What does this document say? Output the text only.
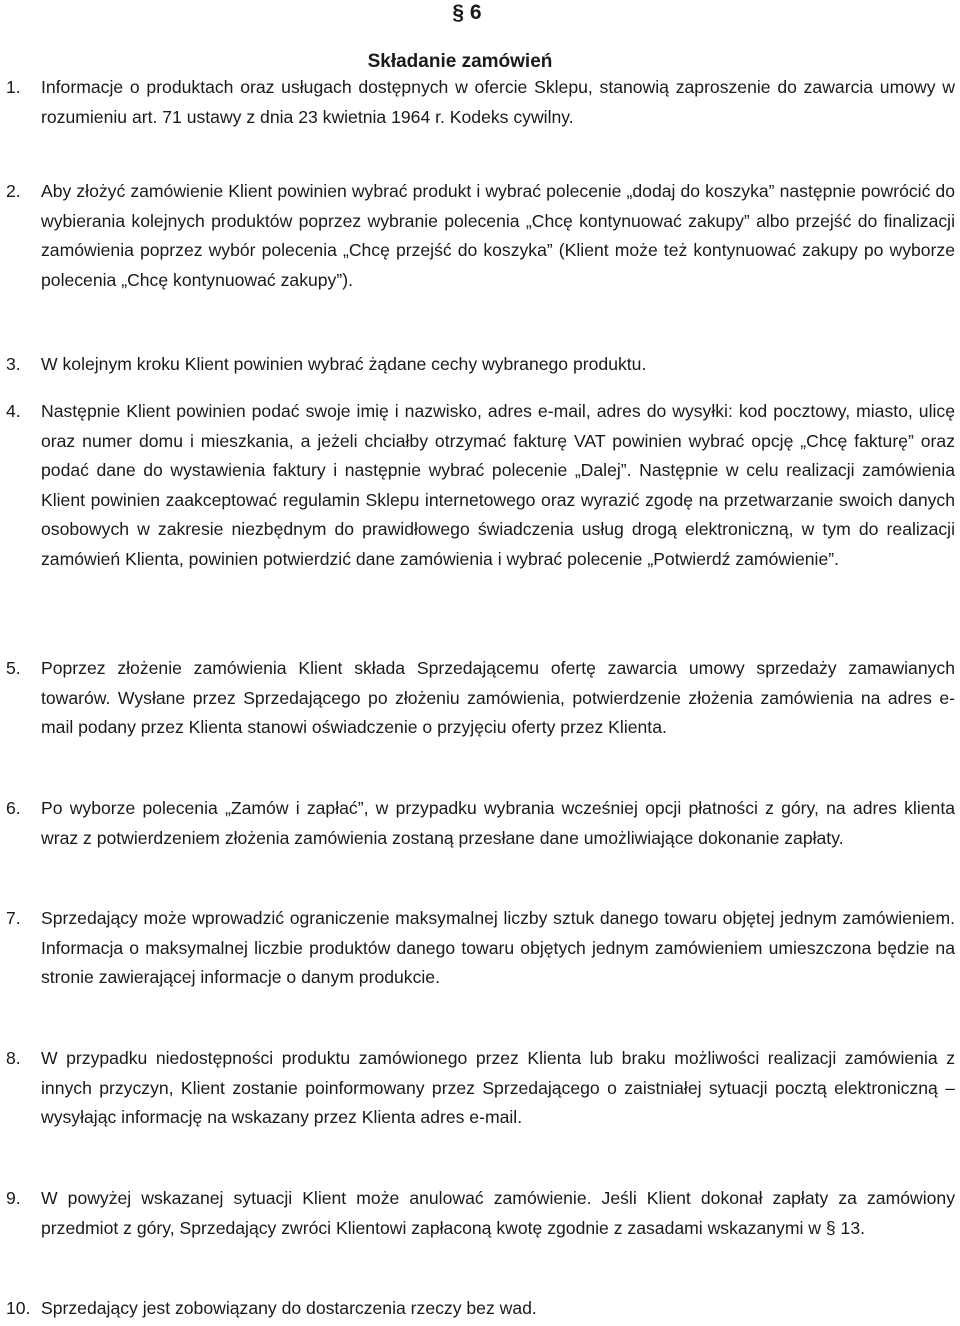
§ 6
Składanie zamówień
1.	Informacje o produktach oraz usługach dostępnych w ofercie Sklepu, stanowią zaproszenie do zawarcia umowy w rozumieniu art. 71 ustawy z dnia 23 kwietnia 1964 r. Kodeks cywilny.
2.	Aby złożyć zamówienie Klient powinien wybrać produkt i wybrać polecenie „dodaj do koszyka” następnie powrócić do wybierania kolejnych produktów poprzez wybranie polecenia „Chcę kontynuować zakupy” albo przejść do finalizacji zamówienia poprzez wybór polecenia „Chcę przejść do koszyka” (Klient może też kontynuować zakupy po wyborze polecenia „Chcę kontynuować zakupy”).
3.	W kolejnym kroku Klient powinien wybrać żądane cechy wybranego produktu.
4.	Następnie Klient powinien podać swoje imię i nazwisko, adres e-mail, adres do wysyłki: kod pocztowy, miasto, ulicę oraz numer domu i mieszkania, a jeżeli chciałby otrzymać fakturę VAT powinien wybrać opcję „Chcę fakturę” oraz podać dane do wystawienia faktury i następnie wybrać polecenie „Dalej”. Następnie w celu realizacji zamówienia Klient powinien zaakceptować regulamin Sklepu internetowego oraz wyrazić zgodę na przetwarzanie swoich danych osobowych w zakresie niezbędnym do prawidłowego świadczenia usług drogą elektroniczną, w tym do realizacji zamówień Klienta, powinien potwierdzić dane zamówienia i wybrać polecenie „Potwierdź zamówienie”.
5.	Poprzez złożenie zamówienia Klient składa Sprzedającemu ofertę zawarcia umowy sprzedaży zamawianych towarów. Wysłane przez Sprzedającego po złożeniu zamówienia, potwierdzenie złożenia zamówienia na adres e-mail podany przez Klienta stanowi oświadczenie o przyjęciu oferty przez Klienta.
6.	Po wyborze polecenia „Zamów i zapłać”, w przypadku wybrania wcześniej opcji płatności z góry, na adres klienta wraz z potwierdzeniem złożenia zamówienia zostaną przesłane dane umożliwiające dokonanie zapłaty.
7.	Sprzedający może wprowadzić ograniczenie maksymalnej liczby sztuk danego towaru objętej jednym zamówieniem. Informacja o maksymalnej liczbie produktów danego towaru objętych jednym zamówieniem umieszczona będzie na stronie zawierającej informacje o danym produkcie.
8.	W przypadku niedostępności produktu zamówionego przez Klienta lub braku możliwości realizacji zamówienia z innych przyczyn, Klient zostanie poinformowany przez Sprzedającego o zaistniałej sytuacji pocztą elektroniczną – wysyłając informację na wskazany przez Klienta adres e-mail.
9.	W powyżej wskazanej sytuacji Klient może anulować zamówienie. Jeśli Klient dokonał zapłaty za zamówiony przedmiot z góry, Sprzedający zwróci Klientowi zapłaconą kwotę zgodnie z zasadami wskazanymi w § 13.
10. Sprzedający jest zobowiązany do dostarczenia rzeczy bez wad.
